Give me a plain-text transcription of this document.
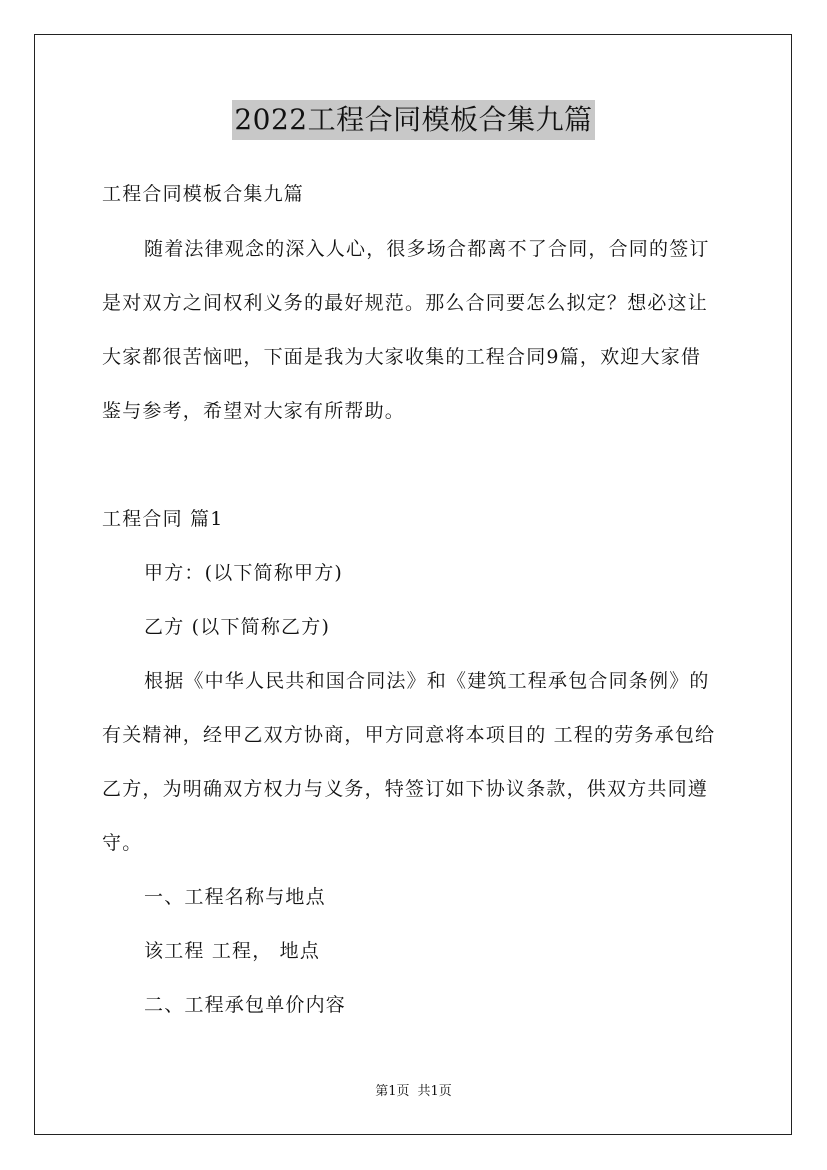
2022工程合同模板合集九篇
工程合同模板合集九篇
随着法律观念的深入人心，很多场合都离不了合同，合同的签订
是对双方之间权利义务的最好规范。那么合同要怎么拟定？想必这让
大家都很苦恼吧，下面是我为大家收集的工程合同9篇，欢迎大家借
鉴与参考，希望对大家有所帮助。
工程合同 篇1
甲方：(以下简称甲方)
乙方 (以下简称乙方)
根据《中华人民共和国合同法》和《建筑工程承包合同条例》的
有关精神，经甲乙双方协商，甲方同意将本项目的 工程的劳务承包给
乙方，为明确双方权力与义务，特签订如下协议条款，供双方共同遵
守。
一、工程名称与地点
该工程 工程， 地点
二、工程承包单价内容
第1页 共1页
